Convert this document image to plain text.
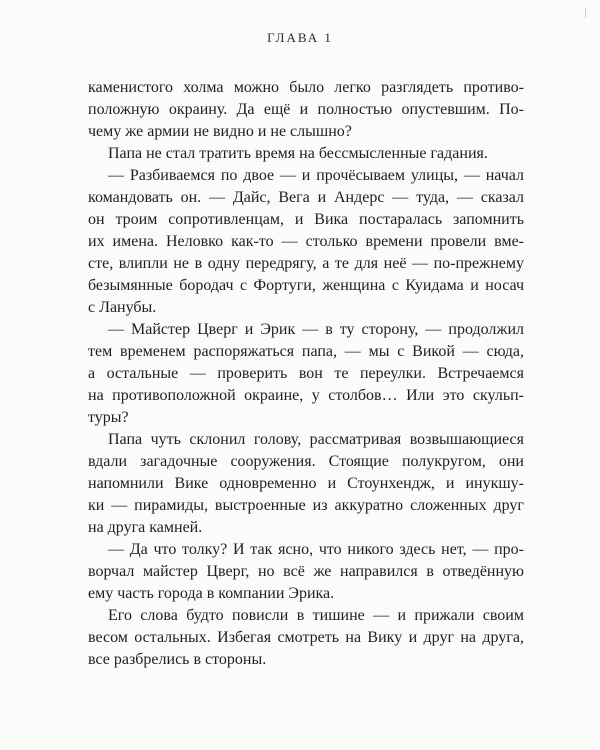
ГЛАВА 1

каменистого холма можно было легко разглядеть противо-
положную окраину. Да ещё и полностью опустевшим. По-
чему же армии не видно и не слышно?

Папа не стал тратить время на бессмысленные гадания.

— Разбиваемся по двое — и прочёсываем улицы, — начал
командовать он. — Дайс, Вега и Андерс — туда, — сказал
он троим сопротивленцам, и Вика постаралась запомнить
их имена. Неловко как-то — столько времени провели вме-
сте, влипли не в одну передрягу, а те для неё — по-прежнему
безымянные бородач с Фортуги, женщина с Куидама и носач
с Ланубы.

— Майстер Цверг и Эрик — в ту сторону, — продолжил
тем временем распоряжаться папа, — мы с Викой — сюда,
а остальные — проверить вон те переулки. Встречаемся
на противоположной окраине, у столбов… Или это скульп-
туры?

Папа чуть склонил голову, рассматривая возвышающиеся
вдали загадочные сооружения. Стоящие полукругом, они
напомнили Вике одновременно и Стоунхендж, и инукшу-
ки — пирамиды, выстроенные из аккуратно сложенных друг
на друга камней.

— Да что толку? И так ясно, что никого здесь нет, — про-
ворчал майстер Цверг, но всё же направился в отведённую
ему часть города в компании Эрика.

Его слова будто повисли в тишине — и прижали своим
весом остальных. Избегая смотреть на Вику и друг на друга,
все разбрелись в стороны.
